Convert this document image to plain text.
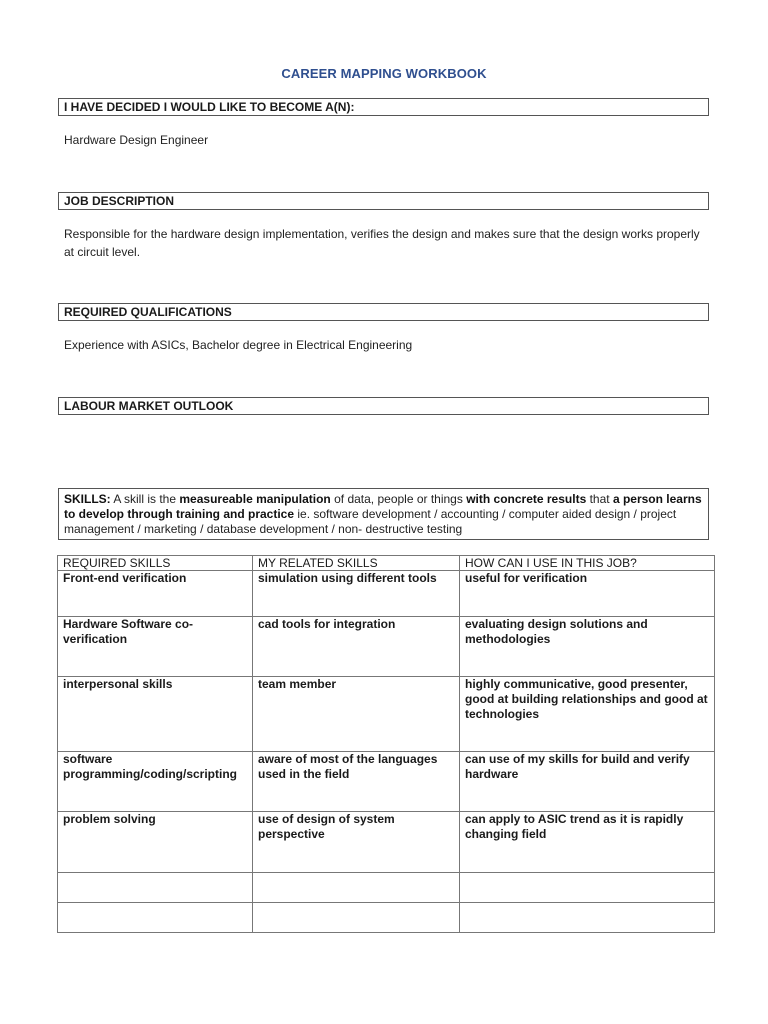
CAREER MAPPING WORKBOOK
I HAVE DECIDED I WOULD LIKE TO BECOME A(N):
Hardware Design Engineer
JOB DESCRIPTION
Responsible for the hardware design implementation, verifies the design and makes sure that the design works properly at circuit level.
REQUIRED QUALIFICATIONS
Experience with ASICs, Bachelor degree in Electrical Engineering
LABOUR MARKET OUTLOOK
SKILLS: A skill is the measureable manipulation of data, people or things with concrete results that a person learns to develop through training and practice ie. software development / accounting / computer aided design / project management / marketing / database development / non- destructive testing
REQUIRED SKILLS	MY RELATED SKILLS	HOW CAN I USE IN THIS JOB?
Front-end verification	simulation using different tools	useful for verification
Hardware Software co-verification	cad tools for integration	evaluating design solutions and methodologies
interpersonal skills	team member	highly communicative, good presenter, good at building relationships and good at technologies
software programming/coding/scripting	aware of most of the languages used in the field	can use of my skills for build and verify hardware
problem solving	use of design of system perspective	can apply to ASIC trend as it is rapidly changing field
